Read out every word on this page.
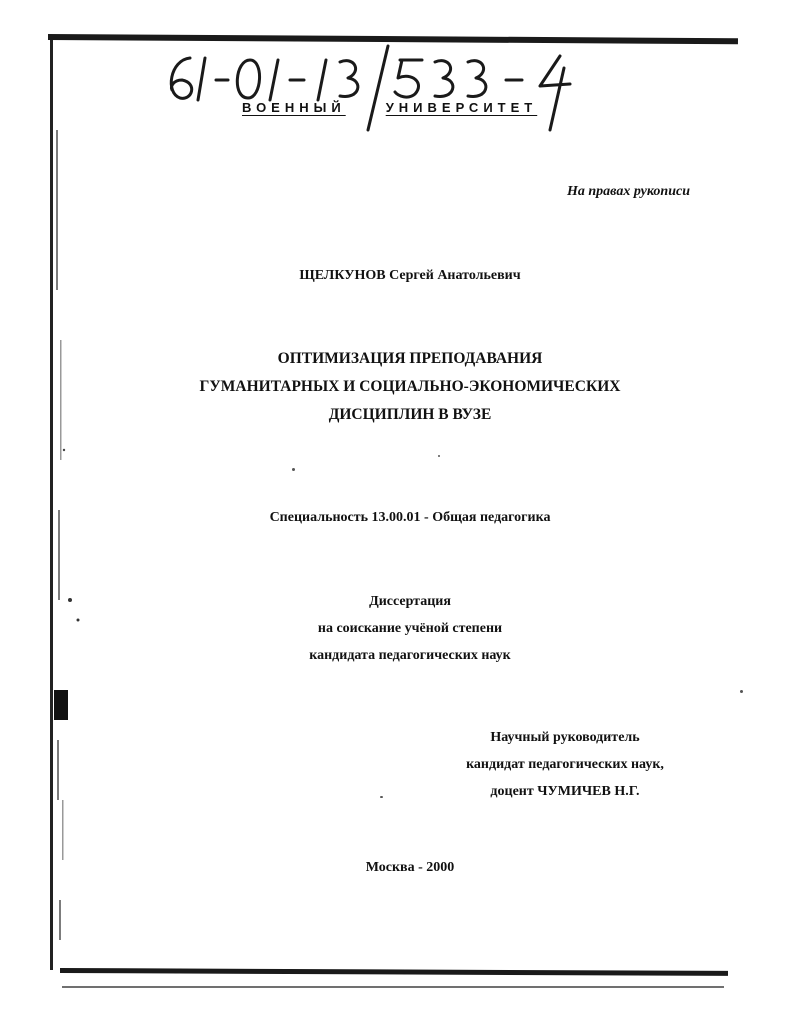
ВОЕННЫЙ	УНИВЕРСИТЕТ
На правах рукописи
ЩЕЛКУНОВ Сергей Анатольевич
ОПТИМИЗАЦИЯ ПРЕПОДАВАНИЯ
ГУМАНИТАРНЫХ И СОЦИАЛЬНО-ЭКОНОМИЧЕСКИХ
ДИСЦИПЛИН В ВУЗЕ
Специальность 13.00.01 - Общая педагогика
Диссертация
на соискание учёной степени
кандидата педагогических наук
Научный руководитель
кандидат педагогических наук,
доцент ЧУМИЧЕВ Н.Г.
Москва - 2000
